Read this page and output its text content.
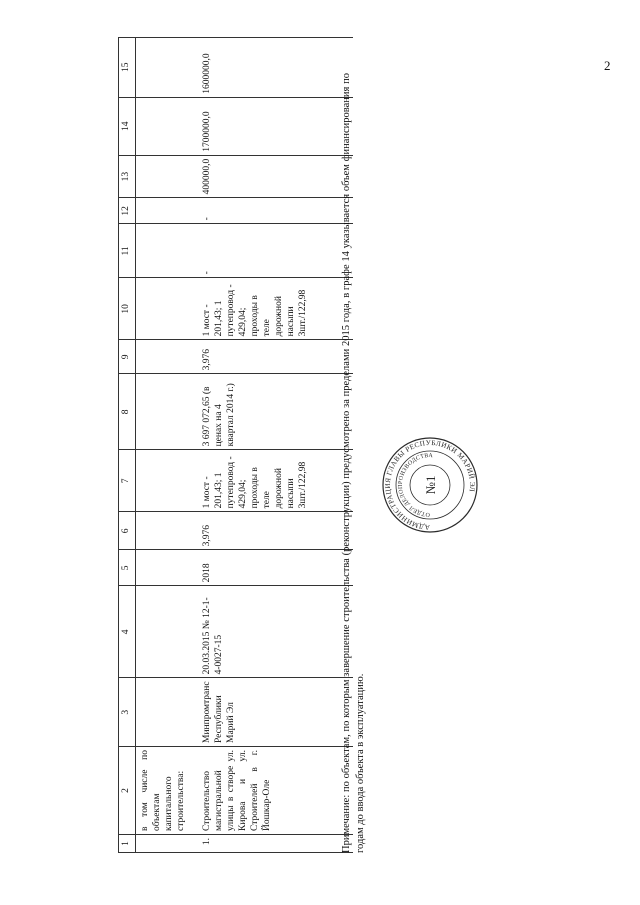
2
1	2	3	4	5	6	7	8	9	10	11	12	13	14	15
	в том числе по объектам капитального строительства:													
1.	Строительство магистральной улицы в створе ул. Кирова и ул. Строителей в г. Йошкар-Оле	Минпромтранс Республики Марий Эл	20.03.2015 № 12-1-4-0027-15	2018	3,976	1 мост - 201,43; 1 путепровод - 429,04; проходы в теле дорожной насыпи 3шт./122,98	3 697 072,65 (в ценах на 4 квартал 2014 г.)	3,976	1 мост - 201,43; 1 путепровод - 429,04; проходы в теле дорожной насыпи 3шт./122,98	-	-	400000,0	1700000,0	1600000,0	Примечание: по объектам, по которым завершение строительства (реконструкции) предусмотрено за пределами 2015 года, в графе 14 указывается объем финансирования по годам до ввода объекта в эксплуатацию.
АДМИНИСТРАЦИЯ ГЛАВЫ РЕСПУБЛИКИ МАРИЙ ЭЛ
ОТДЕЛ ДЕЛОПРОИЗВОДСТВА
№1
